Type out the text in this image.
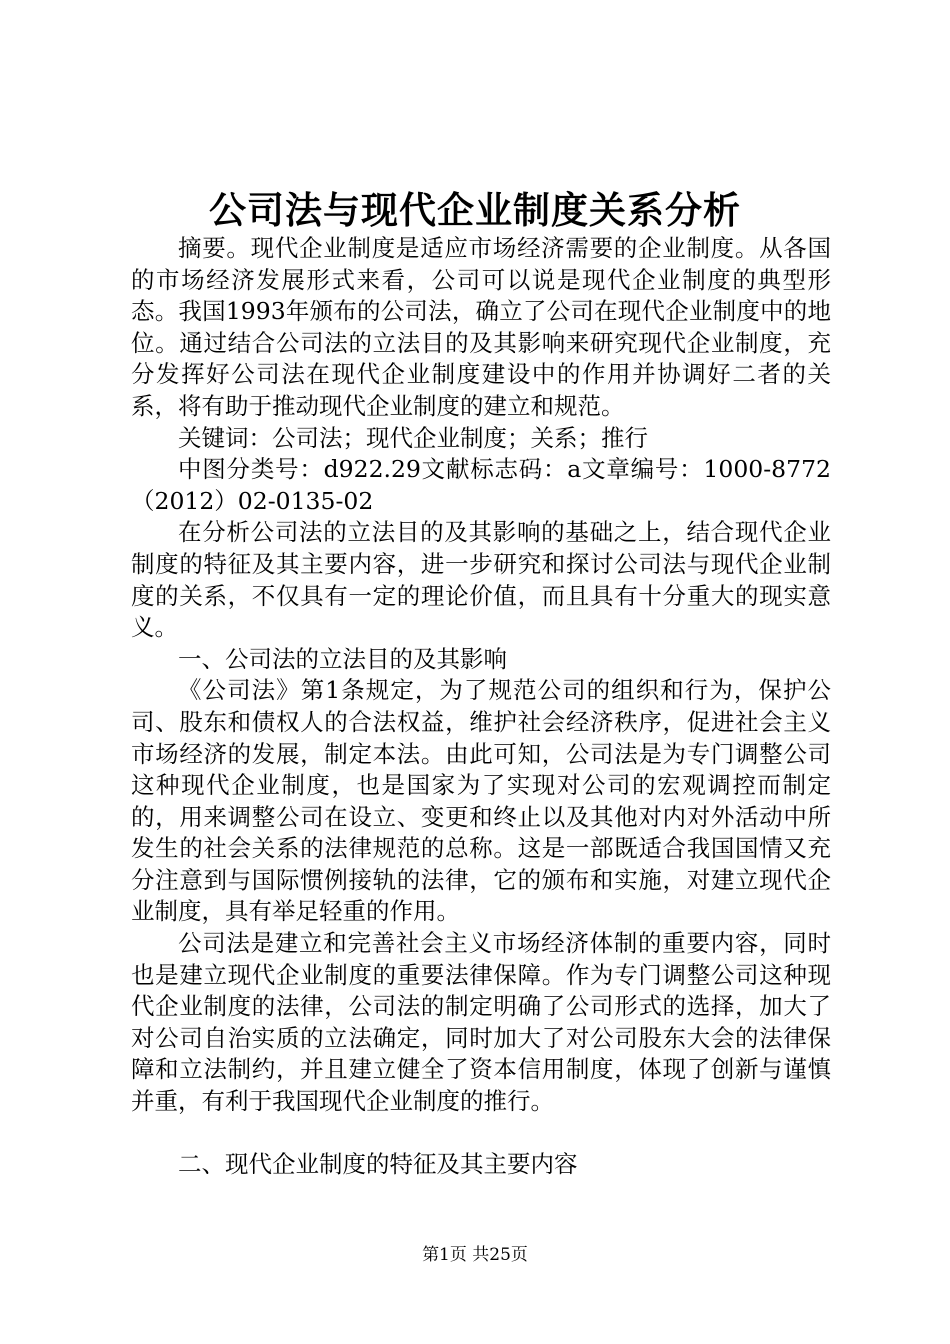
公司法与现代企业制度关系分析

摘要。现代企业制度是适应市场经济需要的企业制度。从各国的市场经济发展形式来看，公司可以说是现代企业制度的典型形态。我国1993年颁布的公司法，确立了公司在现代企业制度中的地位。通过结合公司法的立法目的及其影响来研究现代企业制度，充分发挥好公司法在现代企业制度建设中的作用并协调好二者的关系，将有助于推动现代企业制度的建立和规范。

关键词：公司法；现代企业制度；关系；推行

中图分类号：d922.29文献标志码：a文章编号：1000-8772（2012）02-0135-02

在分析公司法的立法目的及其影响的基础之上，结合现代企业制度的特征及其主要内容，进一步研究和探讨公司法与现代企业制度的关系，不仅具有一定的理论价值，而且具有十分重大的现实意义。

一、公司法的立法目的及其影响

《公司法》第1条规定，为了规范公司的组织和行为，保护公司、股东和债权人的合法权益，维护社会经济秩序，促进社会主义市场经济的发展，制定本法。由此可知，公司法是为专门调整公司这种现代企业制度，也是国家为了实现对公司的宏观调控而制定的，用来调整公司在设立、变更和终止以及其他对内对外活动中所发生的社会关系的法律规范的总称。这是一部既适合我国国情又充分注意到与国际惯例接轨的法律，它的颁布和实施，对建立现代企业制度，具有举足轻重的作用。

公司法是建立和完善社会主义市场经济体制的重要内容，同时也是建立现代企业制度的重要法律保障。作为专门调整公司这种现代企业制度的法律，公司法的制定明确了公司形式的选择，加大了对公司自治实质的立法确定，同时加大了对公司股东大会的法律保障和立法制约，并且建立健全了资本信用制度，体现了创新与谨慎并重，有利于我国现代企业制度的推行。

二、现代企业制度的特征及其主要内容

第1页 共25页
